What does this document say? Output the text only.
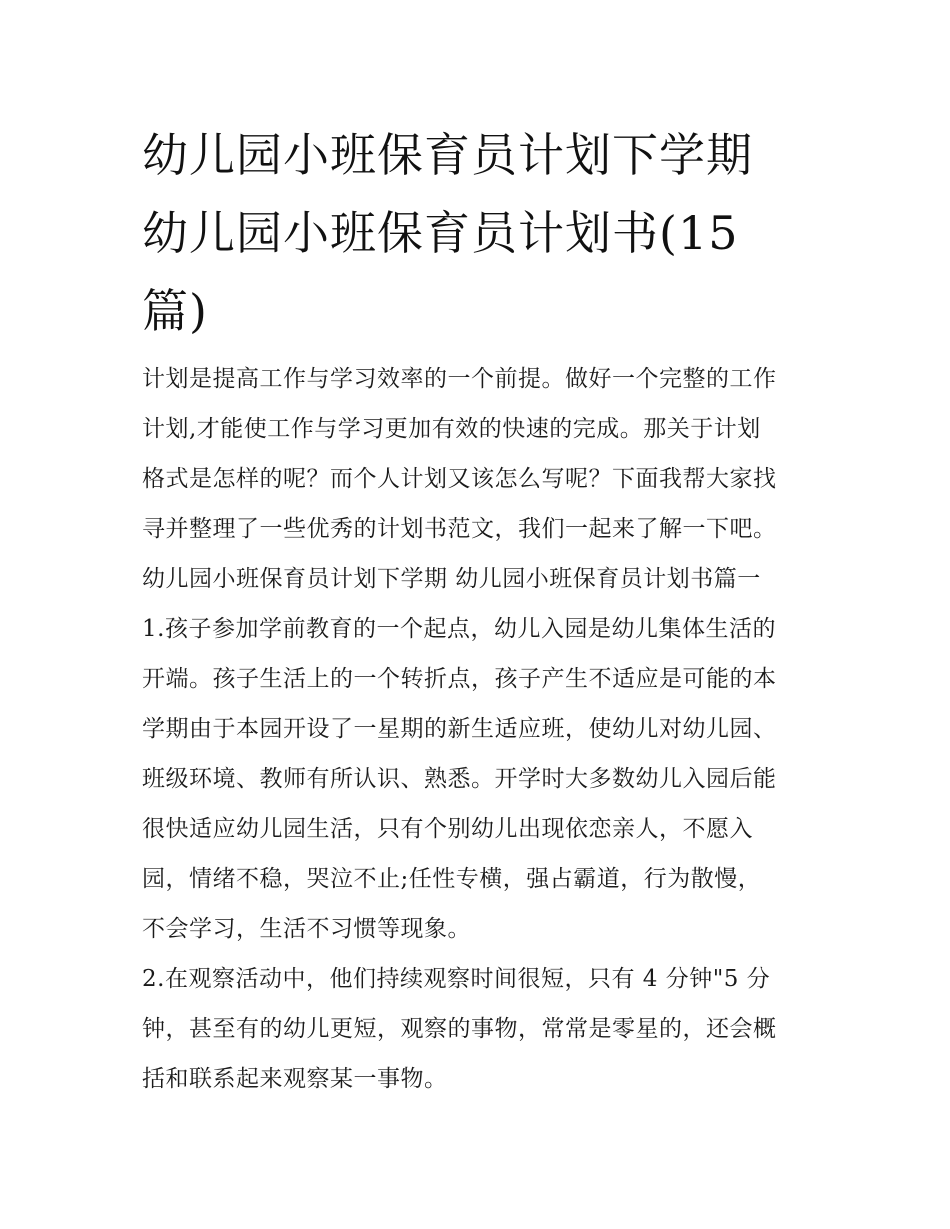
幼儿园小班保育员计划下学期
幼儿园小班保育员计划书(15
篇)
计划是提高工作与学习效率的一个前提。做好一个完整的工作
计划,才能使工作与学习更加有效的快速的完成。那关于计划
格式是怎样的呢？而个人计划又该怎么写呢？下面我帮大家找
寻并整理了一些优秀的计划书范文，我们一起来了解一下吧。
幼儿园小班保育员计划下学期 幼儿园小班保育员计划书篇一
1.孩子参加学前教育的一个起点，幼儿入园是幼儿集体生活的
开端。孩子生活上的一个转折点，孩子产生不适应是可能的本
学期由于本园开设了一星期的新生适应班，使幼儿对幼儿园、
班级环境、教师有所认识、熟悉。开学时大多数幼儿入园后能
很快适应幼儿园生活，只有个别幼儿出现依恋亲人，不愿入
园，情绪不稳，哭泣不止;任性专横，强占霸道，行为散慢，
不会学习，生活不习惯等现象。
2.在观察活动中，他们持续观察时间很短，只有 4 分钟"5 分
钟，甚至有的幼儿更短，观察的事物，常常是零星的，还会概
括和联系起来观察某一事物。
